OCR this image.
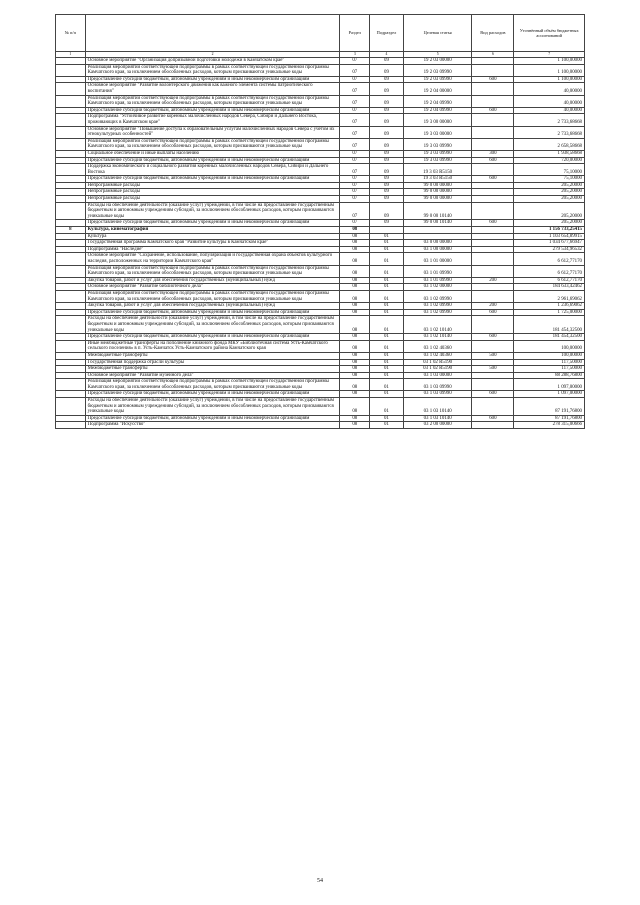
№ п/п		Раздел	Подраздел	Целевая статья	Вид расходов	Уточнённый объём бюджетных ассигнований
1	2	3	4	5	6	7
	Основное мероприятие "Организация допризывной подготовки молодежи в Камчатском крае"	07	09	19 2 03 00000		1 100,00000
	Реализация мероприятий соответствующей подпрограммы в рамках соответствующей государственной программы Камчатского края, за исключением обособленных расходов, которым присваиваются уникальные коды	07	09	19 2 03 09990		1 100,00000
	Предоставление субсидий бюджетным, автономным учреждениям и иным некоммерческим организациям	07	09	19 2 03 09990	600	1 100,00000
	Основное мероприятие "Развитие волонтерского движения как важного элемента системы патриотического воспитания"	07	09	19 2 04 00000		40,00000
	Реализация мероприятий соответствующей подпрограммы в рамках соответствующей государственной программы Камчатского края, за исключением обособленных расходов, которым присваиваются уникальные коды	07	09	19 2 04 09990		40,00000
	Предоставление субсидий бюджетным, автономным учреждениям и иным некоммерческим организациям	07	09	19 2 04 09990	600	40,00000
	Подпрограмма "Устойчивое развитие коренных малочисленных народов Севера, Сибири и Дальнего Востока, проживающих в Камчатском крае"	07	09	19 3 00 00000		2 733,68668
	Основное мероприятие "Повышение доступа к образовательным услугам малочисленных народов Севера с учетом их этнокультурных особенностей"	07	09	19 3 03 00000		2 733,68668
	Реализация мероприятий соответствующей подпрограммы в рамках соответствующей государственной программы Камчатского края, за исключением обособленных расходов, которым присваиваются уникальные коды	07	09	19 3 03 09990		2 658,58668
	Социальное обеспечение и иные выплаты населению	07	09	19 3 03 09990	300	1 938,58668
	Предоставление субсидий бюджетным, автономным учреждениям и иным некоммерческим организациям	07	09	19 3 03 09990	600	720,00000
	Поддержка экономического и социального развития коренных малочисленных народов Севера, Сибири и Дальнего Востока	07	09	19 3 03 R5150		75,10000
	Предоставление субсидий бюджетным, автономным учреждениям и иным некоммерческим организациям	07	09	19 3 03 R5150	600	75,10000
	Непрограммные расходы	07	09	99 0 00 00000		205,20000
	Непрограммные расходы	07	09	99 0 00 00000		205,20000
	Непрограммные расходы	07	09	99 0 00 00000		205,20000
	Расходы на обеспечение деятельности (оказание услуг) учреждений, в том числе на предоставление государственным бюджетным и автономным учреждениям субсидий, за исключением обособленных расходов, которым присваиваются уникальные коды	07	09	99 0 00 10140		205,20000
	Предоставление субсидий бюджетным, автономным учреждениям и иным некоммерческим организациям	07	09	99 0 00 10140	600	205,20000
8	Культура, кинематография	08				1 156 733,25415
	Культура	08	01			1 103 654,89915
	Государственная программа Камчатского края "Развитие культуры в Камчатском крае"	08	01	03 0 00 00000		1 034 677,66947
	Подпрограмма "Наследие"	08	01	03 1 00 00000		279 534,96532
	Основное мероприятие "Сохранение, использование, популяризация и государственная охрана объектов культурного наследия, расположенных на территории Камчатского края"	08	01	03 1 01 00000		6 612,77170
	Реализация мероприятий соответствующей подпрограммы в рамках соответствующей государственной программы Камчатского края, за исключением обособленных расходов, которым присваиваются уникальные коды	08	01	03 1 01 09990		6 612,77170
	Закупка товаров, работ и услуг для обеспечения государственных (муниципальных) нужд	08	01	03 1 01 09990	200	6 612,77170
	Основное мероприятие "Развитие библиотечного дела"	08	01	03 1 02 00000		184 633,42462
	Реализация мероприятий соответствующей подпрограммы в рамках соответствующей государственной программы Камчатского края, за исключением обособленных расходов, которым присваиваются уникальные коды	08	01	03 1 02 09990		2 961,69062
	Закупка товаров, работ и услуг для обеспечения государственных (муниципальных) нужд	08	01	03 1 02 09990	200	1 236,69062
	Предоставление субсидий бюджетным, автономным учреждениям и иным некоммерческим организациям	08	01	03 1 02 09990	600	1 725,00000
	Расходы на обеспечение деятельности (оказание услуг) учреждений, в том числе на предоставление государственным бюджетным и автономным учреждениям субсидий, за исключением обособленных расходов, которым присваиваются уникальные коды	08	01	03 1 02 10140		181 454,32500
	Предоставление субсидий бюджетным, автономным учреждениям и иным некоммерческим организациям	08	01	03 1 02 10140	600	181 454,32500
	Иные межбюджетные трансферты на пополнение книжного фонда МКУ «Библиотечная система Усть-Камчатского сельского поселения» в п. Усть-Камчатск Усть-Камчатского района Камчатского края	08	01	03 1 02 40360		100,00000
	Межбюджетные трансферты	08	01	03 1 02 40360	500	100,00000
	Государственная поддержка отрасли культуры	08	01	03 1 02 R5190		117,50000
	Межбюджетные трансферты	08	01	03 1 02 R5190	500	117,50000
	Основное мероприятие "Развитие музейного дела"	08	01	03 1 03 00000		88 288,76800
	Реализация мероприятий соответствующей подпрограммы в рамках соответствующей государственной программы Камчатского края, за исключением обособленных расходов, которым присваиваются уникальные коды	08	01	03 1 03 09990		1 097,00000
	Предоставление субсидий бюджетным, автономным учреждениям и иным некоммерческим организациям	08	01	03 1 03 09990	600	1 097,00000
	Расходы на обеспечение деятельности (оказание услуг) учреждений, в том числе на предоставление государственным бюджетным и автономным учреждениям субсидий, за исключением обособленных расходов, которым присваиваются уникальные коды	08	01	03 1 03 10140		87 191,76800
	Предоставление субсидий бюджетным, автономным учреждениям и иным некоммерческим организациям	08	01	03 1 03 10140	600	87 191,76800
	Подпрограмма "Искусство"	08	01	03 2 00 00000		278 315,00666
54
